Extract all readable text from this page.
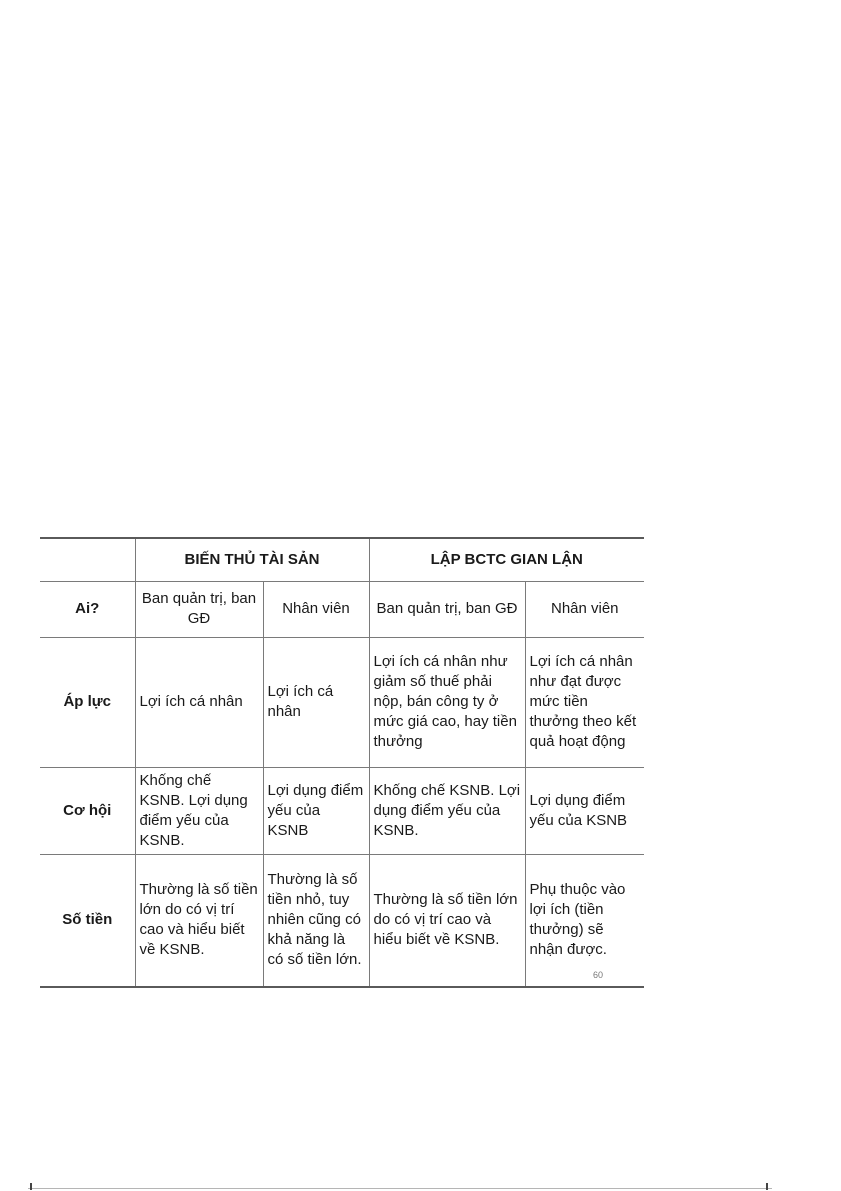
	BIẾN THỦ TÀI SẢN		LẬP BCTC GIAN LẬN	
Ai?	Ban quản trị, ban GĐ	Nhân viên	Ban quản trị, ban GĐ	Nhân viên
Áp lực	Lợi ích cá nhân	Lợi ích cá nhân	Lợi ích cá nhân như giảm số thuế phải nộp, bán công ty ở mức giá cao, hay tiền thưởng	Lợi ích cá nhân như đạt được mức tiền thưởng theo kết quả hoạt động
Cơ hội	Khống chế KSNB. Lợi dụng điểm yếu của KSNB.	Lợi dụng điểm yếu của KSNB	Khống chế KSNB. Lợi dụng điểm yếu của KSNB.	Lợi dụng điểm yếu của KSNB
Số tiền	Thường là số tiền lớn do có vị trí cao và hiểu biết về KSNB.	Thường là số tiền nhỏ, tuy nhiên cũng có khả năng là có số tiền lớn.	Thường là số tiền lớn do có vị trí cao và hiểu biết về KSNB.	Phụ thuộc vào lợi ích (tiền thưởng) sẽ nhận được.
60
